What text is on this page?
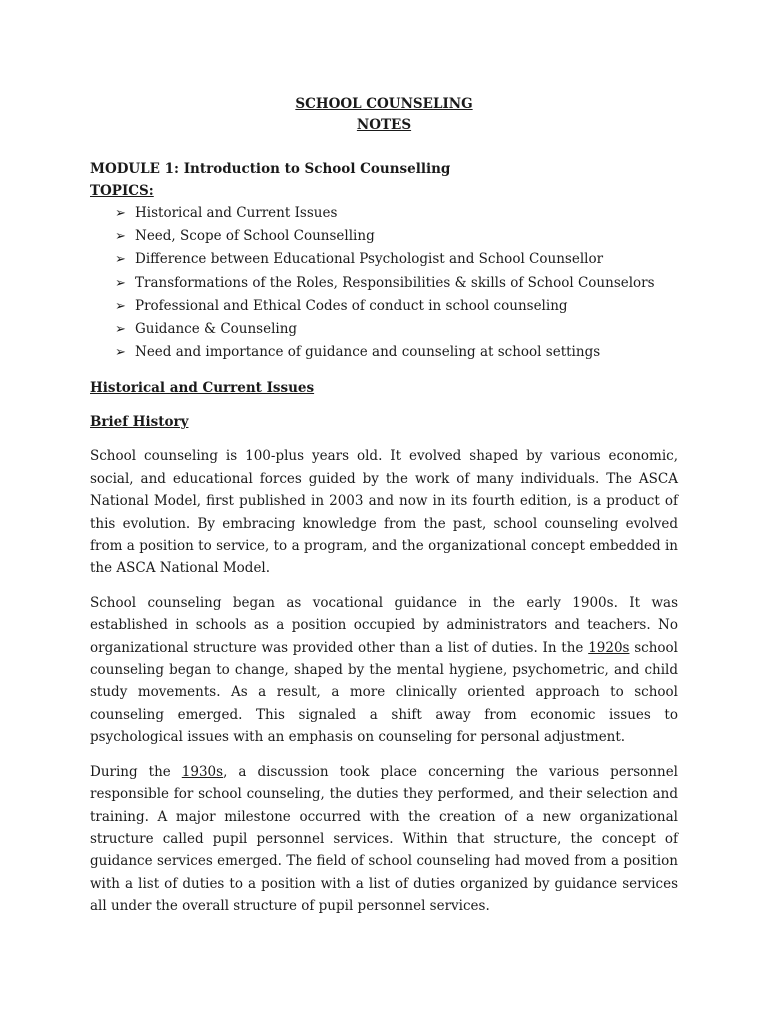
SCHOOL COUNSELING
NOTES
MODULE 1: Introduction to School Counselling
TOPICS:
➢ Historical and Current Issues
➢ Need, Scope of School Counselling
➢ Difference between Educational Psychologist and School Counsellor
➢ Transformations of the Roles, Responsibilities & skills of School Counselors
➢ Professional and Ethical Codes of conduct in school counseling
➢ Guidance & Counseling
➢ Need and importance of guidance and counseling at school settings
Historical and Current Issues
Brief History

School counseling is 100-plus years old. It evolved shaped by various economic, social, and educational forces guided by the work of many individuals. The ASCA National Model, first published in 2003 and now in its fourth edition, is a product of this evolution. By embracing knowledge from the past, school counseling evolved from a position to service, to a program, and the organizational concept embedded in the ASCA National Model.

School counseling began as vocational guidance in the early 1900s. It was established in schools as a position occupied by administrators and teachers. No organizational structure was provided other than a list of duties. In the 1920s school counseling began to change, shaped by the mental hygiene, psychometric, and child study movements. As a result, a more clinically oriented approach to school counseling emerged. This signaled a shift away from economic issues to psychological issues with an emphasis on counseling for personal adjustment.

During the 1930s, a discussion took place concerning the various personnel responsible for school counseling, the duties they performed, and their selection and training. A major milestone occurred with the creation of a new organizational structure called pupil personnel services. Within that structure, the concept of guidance services emerged. The field of school counseling had moved from a position with a list of duties to a position with a list of duties organized by guidance services all under the overall structure of pupil personnel services.
